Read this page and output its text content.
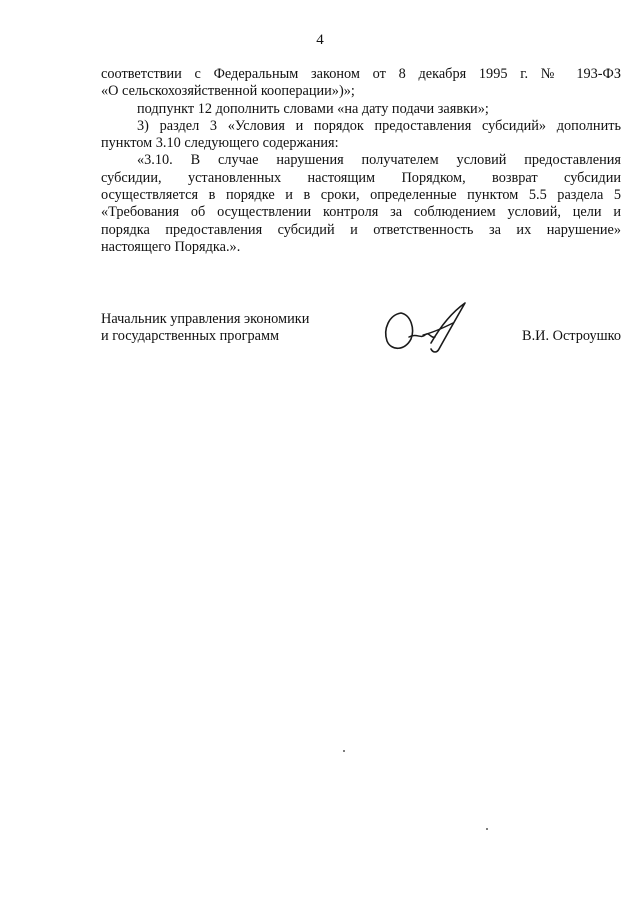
4
соответствии с Федеральным законом от 8 декабря 1995 г. № 193-ФЗ
«О сельскохозяйственной кооперации»)»;
подпункт 12 дополнить словами «на дату подачи заявки»;
3) раздел 3 «Условия и порядок предоставления субсидий» дополнить
пунктом 3.10 следующего содержания:
«3.10. В случае нарушения получателем условий предоставления
субсидии, установленных настоящим Порядком, возврат субсидии
осуществляется в порядке и в сроки, определенные пунктом 5.5 раздела 5
«Требования об осуществлении контроля за соблюдением условий, цели и
порядка предоставления субсидий и ответственность за их нарушение»
настоящего Порядка.».
Начальник управления экономики
и государственных программ	В.И. Остроушко
